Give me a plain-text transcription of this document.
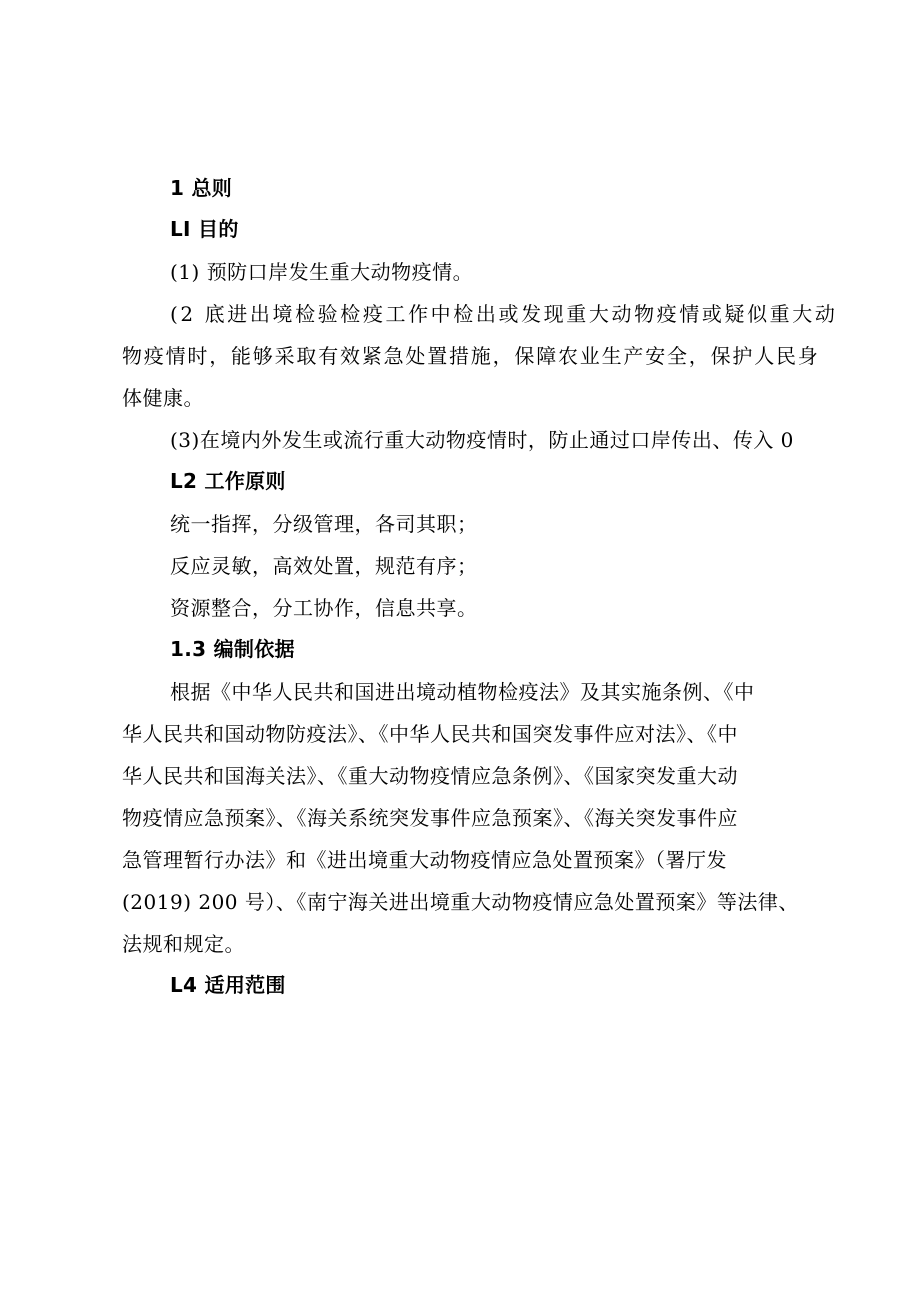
1 总则
LI 目的
(1) 预防口岸发生重大动物疫情。
(2 底进出境检验检疫工作中检出或发现重大动物疫情或疑似重大动
物疫情时，能够采取有效紧急处置措施，保障农业生产安全，保护人民身
体健康。
(3)在境内外发生或流行重大动物疫情时，防止通过口岸传出、传入 0
L2 工作原则
统一指挥，分级管理，各司其职；
反应灵敏，高效处置，规范有序；
资源整合，分工协作，信息共享。
1.3 编制依据
根据《中华人民共和国进出境动植物检疫法》及其实施条例、《中
华人民共和国动物防疫法》、《中华人民共和国突发事件应对法》、《中
华人民共和国海关法》、《重大动物疫情应急条例》、《国家突发重大动
物疫情应急预案》、《海关系统突发事件应急预案》、《海关突发事件应
急管理暂行办法》和《进出境重大动物疫情应急处置预案》（署厅发
(2019) 200 号）、《南宁海关进出境重大动物疫情应急处置预案》等法律、
法规和规定。
L4 适用范围
